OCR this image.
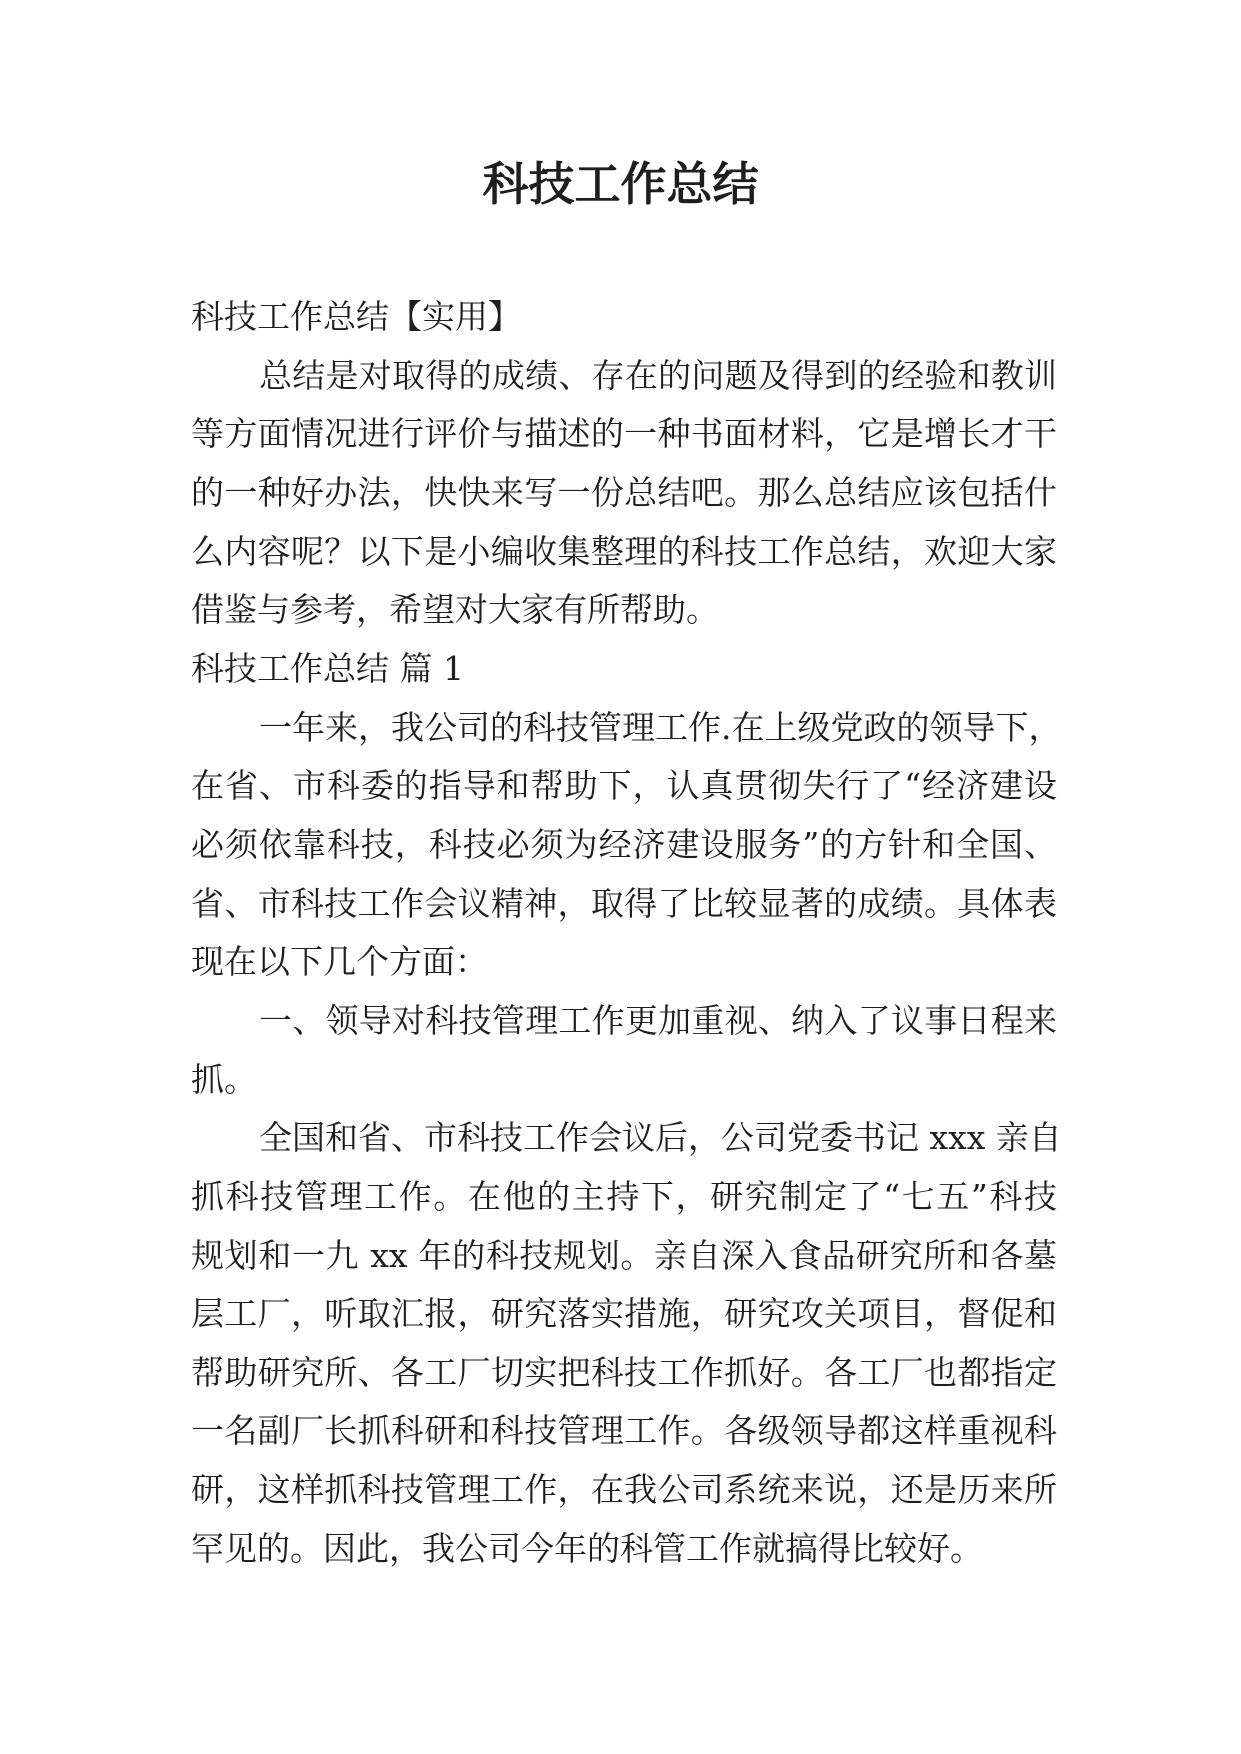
科技工作总结
科技工作总结【实用】
总结是对取得的成绩、存在的问题及得到的经验和教训
等方面情况进行评价与描述的一种书面材料，它是增长才干
的一种好办法，快快来写一份总结吧。那么总结应该包括什
么内容呢？以下是小编收集整理的科技工作总结，欢迎大家
借鉴与参考，希望对大家有所帮助。
科技工作总结 篇 1
一年来，我公司的科技管理工作.在上级党政的领导下，
在省、市科委的指导和帮助下，认真贯彻失行了“经济建设
必须依靠科技，科技必须为经济建设服务”的方针和全国、
省、市科技工作会议精神，取得了比较显著的成绩。具体表
现在以下几个方面：
一、领导对科技管理工作更加重视、纳入了议事日程来
抓。
全国和省、市科技工作会议后，公司党委书记 xxx 亲自
抓科技管理工作。在他的主持下，研究制定了“七五”科技
规划和一九 xx 年的科技规划。亲自深入食品研究所和各墓
层工厂，听取汇报，研究落实措施，研究攻关项目，督促和
帮助研究所、各工厂切实把科技工作抓好。各工厂也都指定
一名副厂长抓科研和科技管理工作。各级领导都这样重视科
研，这样抓科技管理工作，在我公司系统来说，还是历来所
罕见的。因此，我公司今年的科管工作就搞得比较好。
